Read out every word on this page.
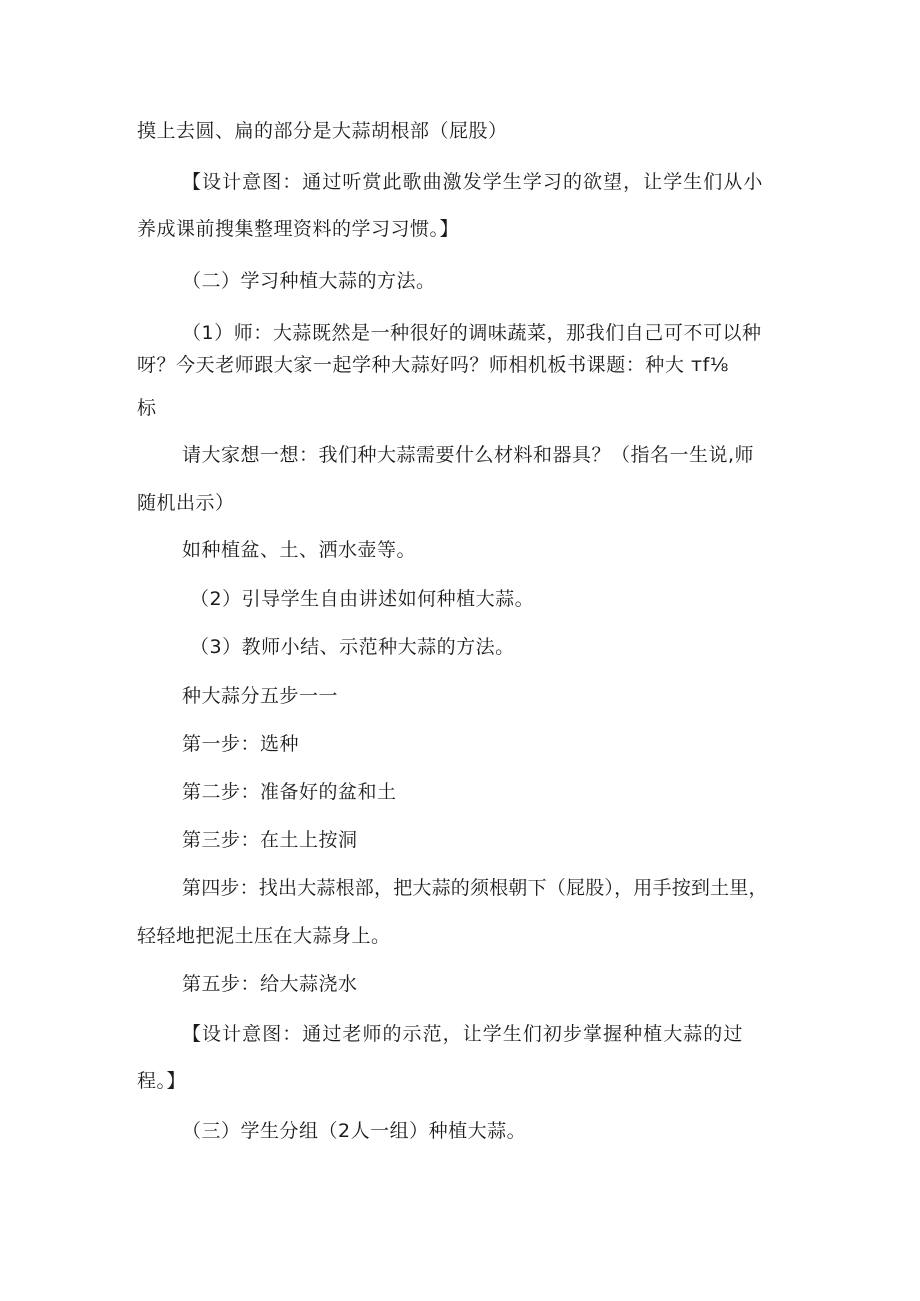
摸上去圆、扁的部分是大蒜胡根部（屁股）
【设计意图：通过听赏此歌曲激发学生学习的欲望，让学生们从小
养成课前搜集整理资料的学习习惯。】
（二）学习种植大蒜的方法。
（1）师：大蒜既然是一种很好的调味蔬菜，那我们自己可不可以种
呀？今天老师跟大家一起学种大蒜好吗？师相机板书课题：种大 тf⅛
标
请大家想一想：我们种大蒜需要什么材料和器具？（指名一生说,师
随机出示）
如种植盆、土、洒水壶等。
（2）引导学生自由讲述如何种植大蒜。
（3）教师小结、示范种大蒜的方法。
种大蒜分五步一一
第一步：选种
第二步：准备好的盆和土
第三步：在土上按洞
第四步：找出大蒜根部，把大蒜的须根朝下（屁股），用手按到土里，
轻轻地把泥土压在大蒜身上。
第五步：给大蒜浇水
【设计意图：通过老师的示范，让学生们初步掌握种植大蒜的过
程。】
（三）学生分组（2人一组）种植大蒜。
